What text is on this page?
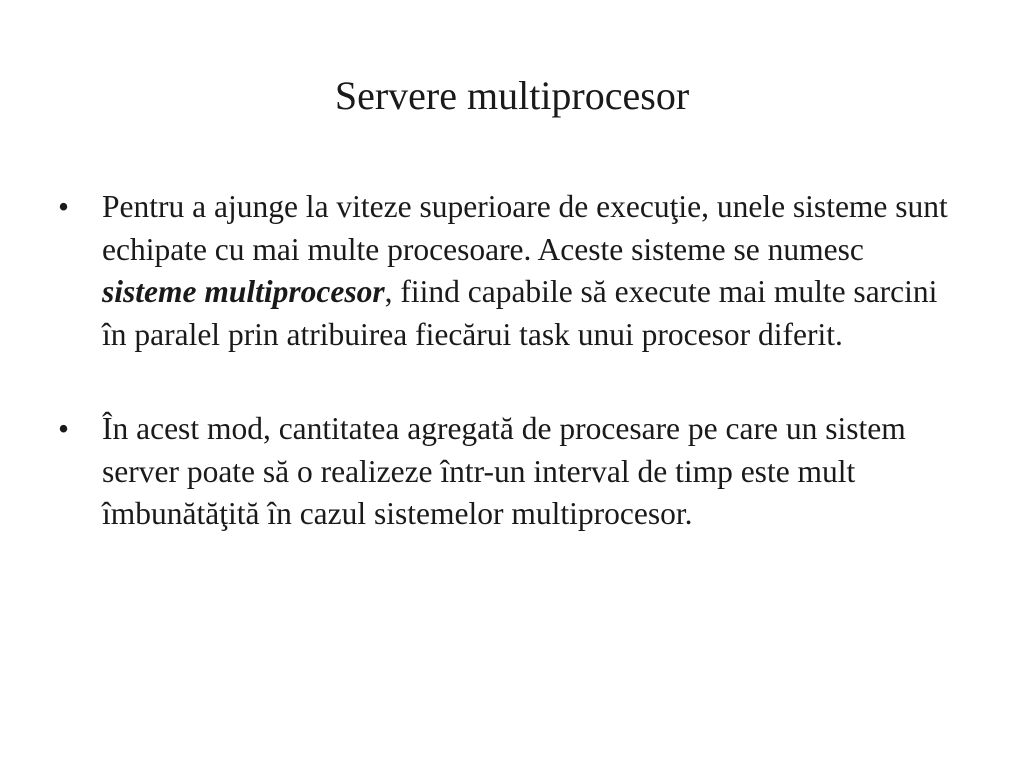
Servere multiprocesor
•	Pentru a ajunge la viteze superioare de execuţie, unele sisteme sunt echipate cu mai multe procesoare. Aceste sisteme se numesc sisteme multiprocesor, fiind capabile să execute mai multe sarcini în paralel prin atribuirea fiecărui task unui procesor diferit.
•	În acest mod, cantitatea agregată de procesare pe care un sistem server poate să o realizeze într-un interval de timp este mult îmbunătăţită în cazul sistemelor multiprocesor.
